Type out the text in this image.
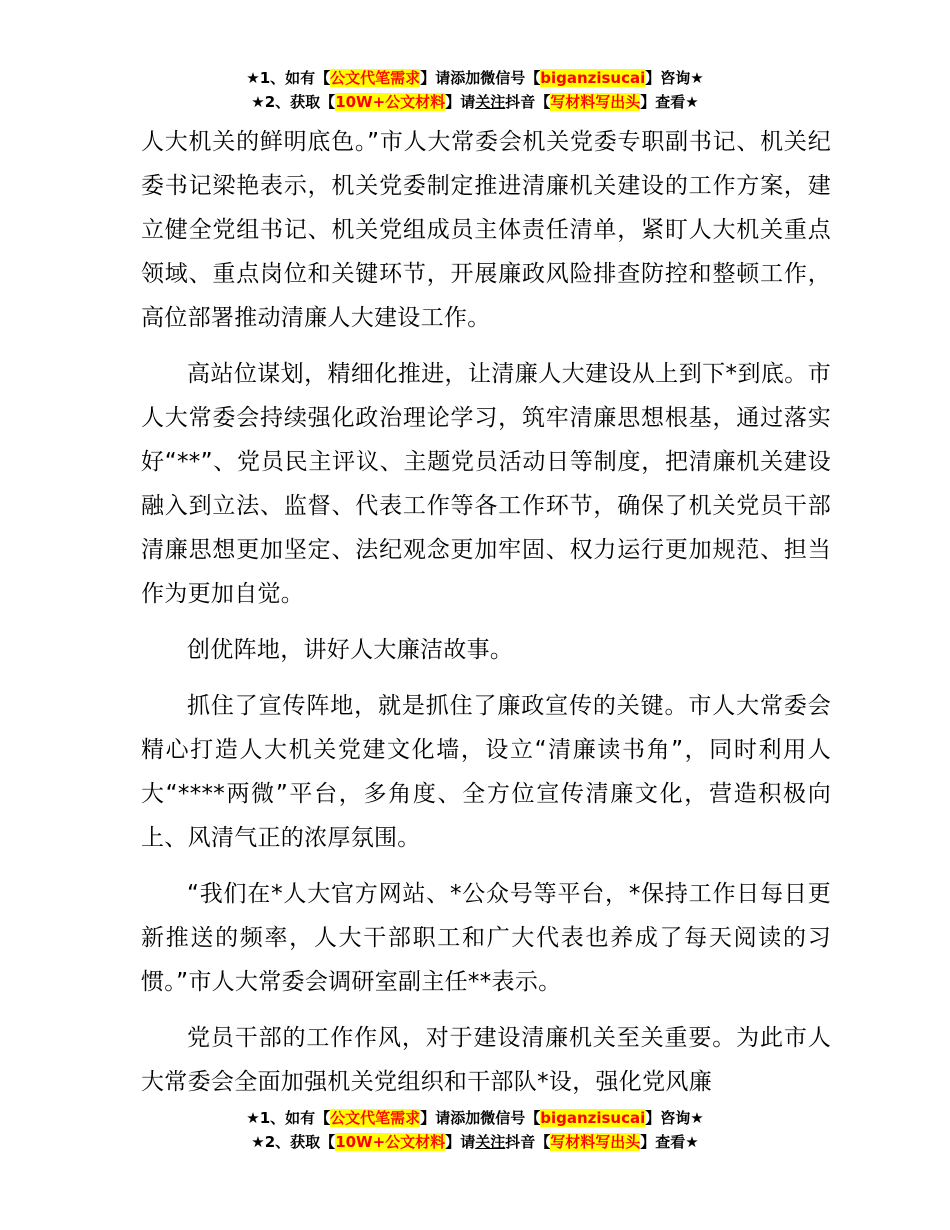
★1、如有【公文代笔需求】请添加微信号【biganzisucai】咨询★
★2、获取【10W+公文材料】请关注抖音【写材料写出头】查看★

人大机关的鲜明底色。”市人大常委会机关党委专职副书记、机关纪委书记梁艳表示，机关党委制定推进清廉机关建设的工作方案，建立健全党组书记、机关党组成员主体责任清单，紧盯人大机关重点领域、重点岗位和关键环节，开展廉政风险排查防控和整顿工作，高位部署推动清廉人大建设工作。

高站位谋划，精细化推进，让清廉人大建设从上到下*到底。市人大常委会持续强化政治理论学习，筑牢清廉思想根基，通过落实好“**”、党员民主评议、主题党员活动日等制度，把清廉机关建设融入到立法、监督、代表工作等各工作环节，确保了机关党员干部清廉思想更加坚定、法纪观念更加牢固、权力运行更加规范、担当作为更加自觉。

创优阵地，讲好人大廉洁故事。

抓住了宣传阵地，就是抓住了廉政宣传的关键。市人大常委会精心打造人大机关党建文化墙，设立“清廉读书角”，同时利用人大“****两微”平台，多角度、全方位宣传清廉文化，营造积极向上、风清气正的浓厚氛围。

“我们在*人大官方网站、*公众号等平台，*保持工作日每日更新推送的频率，人大干部职工和广大代表也养成了每天阅读的习惯。”市人大常委会调研室副主任**表示。

党员干部的工作作风，对于建设清廉机关至关重要。为此市人大常委会全面加强机关党组织和干部队*设，强化党风廉

★1、如有【公文代笔需求】请添加微信号【biganzisucai】咨询★
★2、获取【10W+公文材料】请关注抖音【写材料写出头】查看★
